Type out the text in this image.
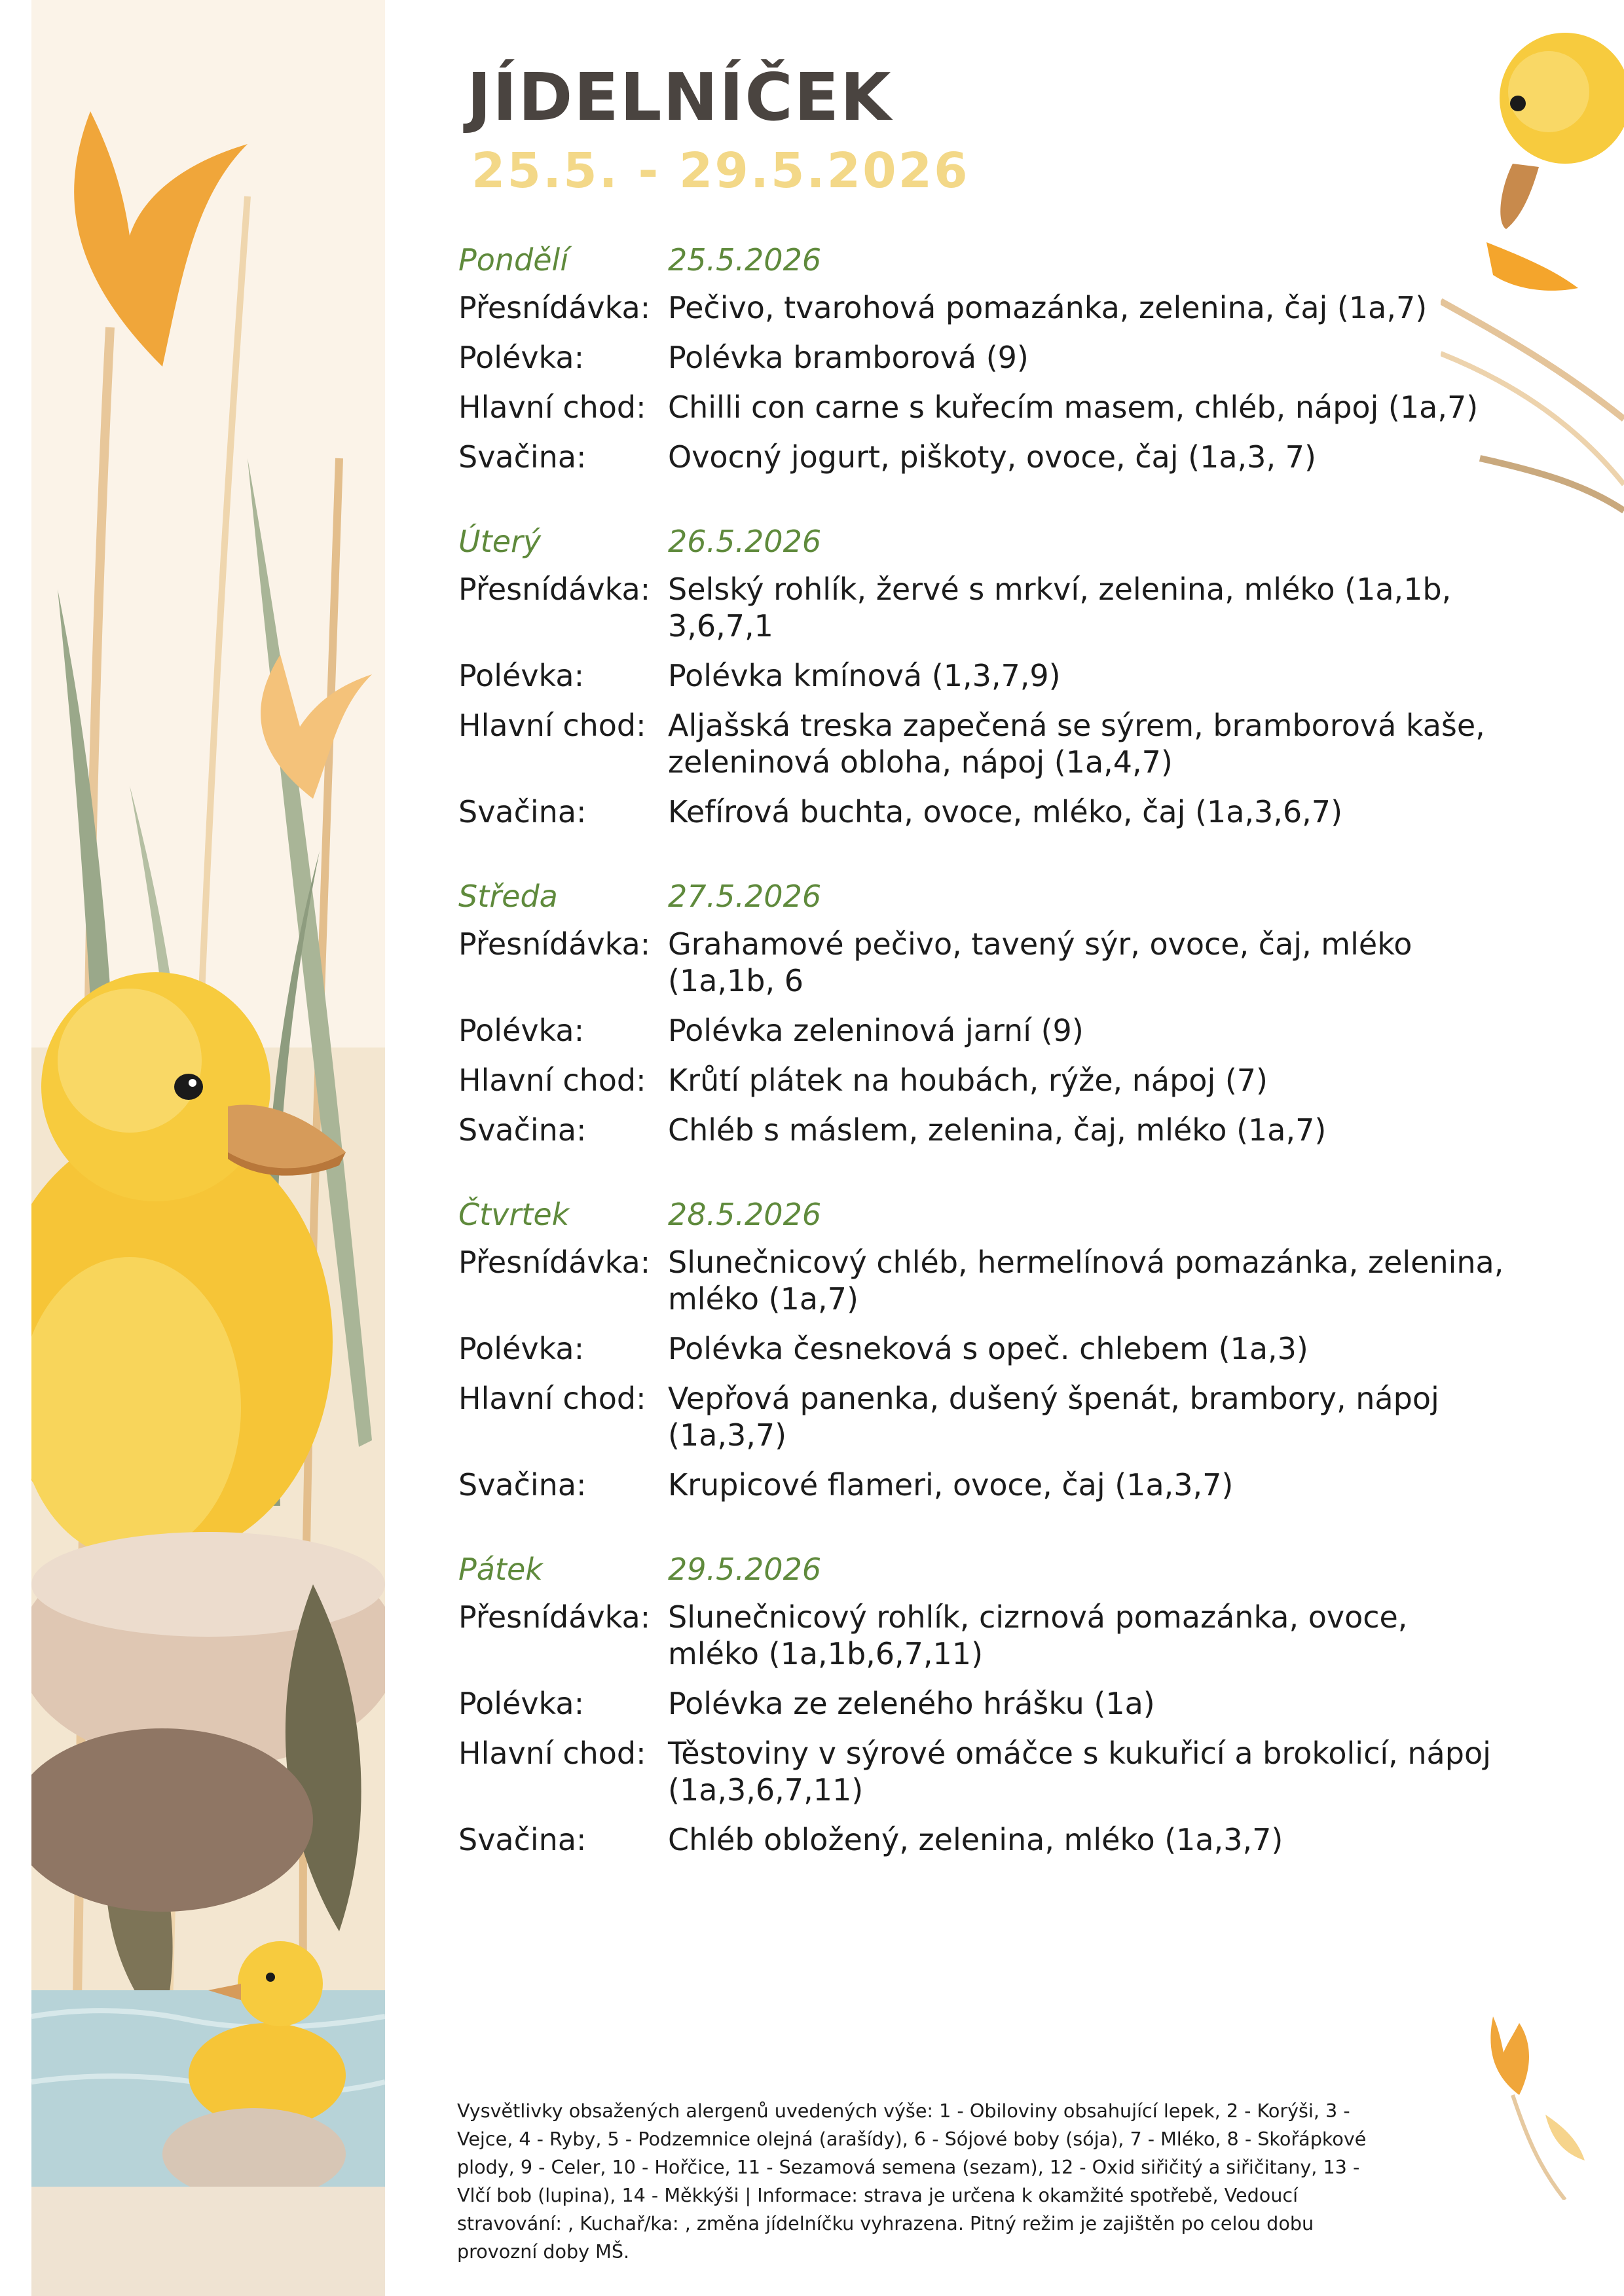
JÍDELNÍČEK
25.5. - 29.5.2026
Pondělí	25.5.2026
Přesnídávka: Pečivo, tvarohová pomazánka, zelenina, čaj (1a,7)
Polévka:	Polévka bramborová (9)
Hlavní chod: Chilli con carne s kuřecím masem, chléb, nápoj (1a,7)
Svačina:	Ovocný jogurt, piškoty, ovoce, čaj (1a,3, 7)
Úterý	26.5.2026
Přesnídávka: Selský rohlík, žervé s mrkví, zelenina, mléko (1a,1b, 3,6,7,1
Polévka:	Polévka kmínová (1,3,7,9)
Hlavní chod: Aljašská treska zapečená se sýrem, bramborová kaše, zeleninová obloha, nápoj (1a,4,7)
Svačina:	Kefírová buchta, ovoce, mléko, čaj (1a,3,6,7)
Středa	27.5.2026
Přesnídávka: Grahamové pečivo, tavený sýr, ovoce, čaj, mléko (1a,1b, 6
Polévka:	Polévka zeleninová jarní (9)
Hlavní chod: Krůtí plátek na houbách, rýže, nápoj (7)
Svačina:	Chléb s máslem, zelenina, čaj, mléko (1a,7)
Čtvrtek	28.5.2026
Přesnídávka: Slunečnicový chléb, hermelínová pomazánka, zelenina, mléko (1a,7)
Polévka:	Polévka česneková s opeč. chlebem (1a,3)
Hlavní chod: Vepřová panenka, dušený špenát, brambory, nápoj (1a,3,7)
Svačina:	Krupicové flameri, ovoce, čaj (1a,3,7)
Pátek	29.5.2026
Přesnídávka: Slunečnicový rohlík, cizrnová pomazánka, ovoce, mléko (1a,1b,6,7,11)
Polévka:	Polévka ze zeleného hrášku (1a)
Hlavní chod: Těstoviny v sýrové omáčce s kukuřicí a brokolicí, nápoj (1a,3,6,7,11)
Svačina:	Chléb obložený, zelenina, mléko (1a,3,7)
Vysvětlivky obsažených alergenů uvedených výše: 1 - Obiloviny obsahující lepek, 2 - Korýši, 3 - Vejce, 4 - Ryby, 5 - Podzemnice olejná (arašídy), 6 - Sójové boby (sója), 7 - Mléko, 8 - Skořápkové plody, 9 - Celer, 10 - Hořčice, 11 - Sezamová semena (sezam), 12 - Oxid siřičitý a siřičitany, 13 - Vlčí bob (lupina), 14 - Měkkýši | Informace: strava je určena k okamžité spotřebě, Vedoucí stravování: , Kuchař/ka: , změna jídelníčku vyhrazena. Pitný režim je zajištěn po celou dobu provozní doby MŠ.
